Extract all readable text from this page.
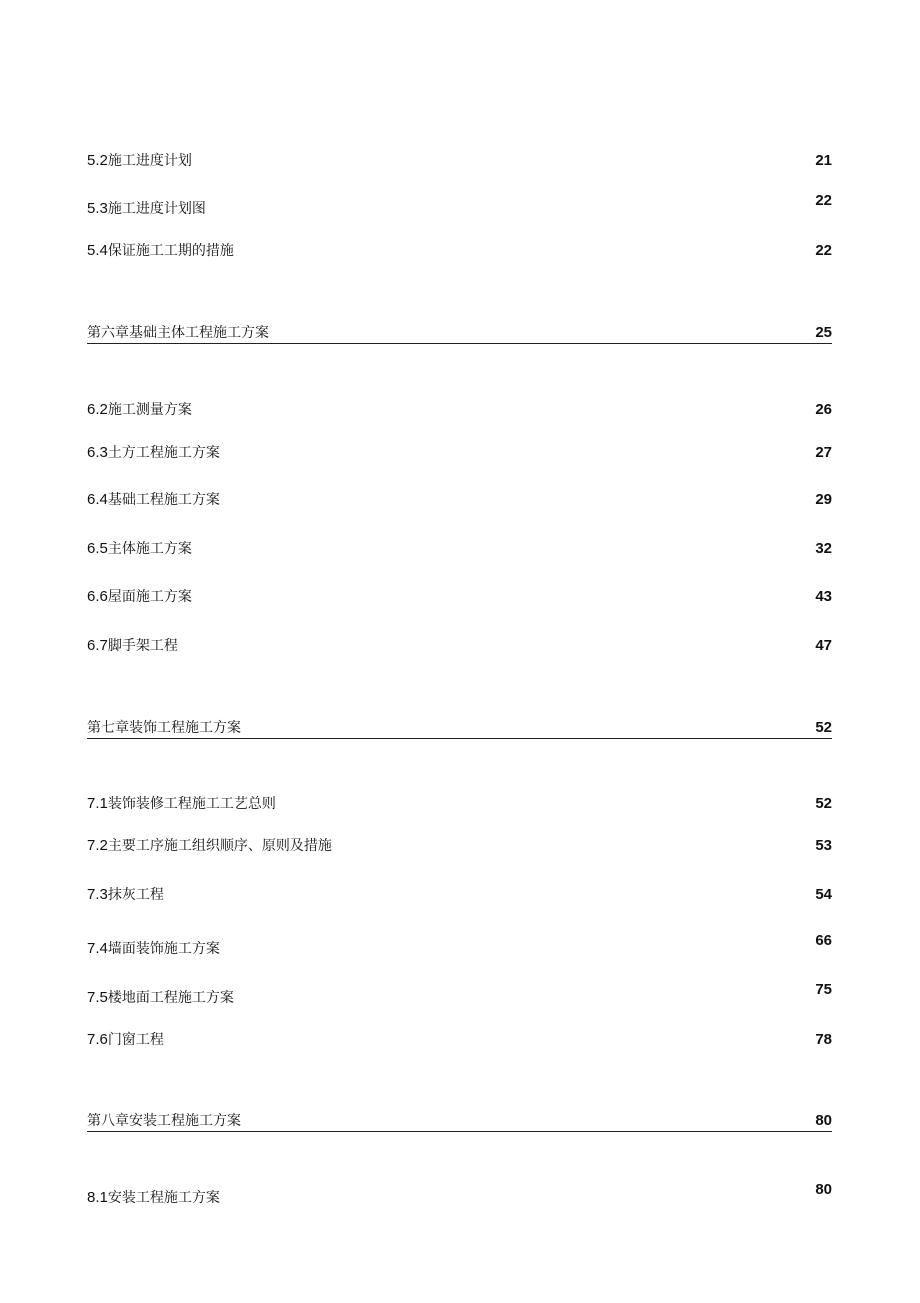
5.2施工进度计划	21
5.3施工进度计划图	22
5.4保证施工工期的措施	22
第六章基础主体工程施工方案	25
6.2施工测量方案	26
6.3土方工程施工方案	27
6.4基础工程施工方案	29
6.5主体施工方案	32
6.6屋面施工方案	43
6.7脚手架工程	47
第七章装饰工程施工方案	52
7.1装饰装修工程施工工艺总则	52
7.2主要工序施工组织顺序、原则及措施	53
7.3抹灰工程	54
7.4墙面装饰施工方案	66
7.5楼地面工程施工方案	75
7.6门窗工程	78
第八章安装工程施工方案	80
8.1安装工程施工方案	80
